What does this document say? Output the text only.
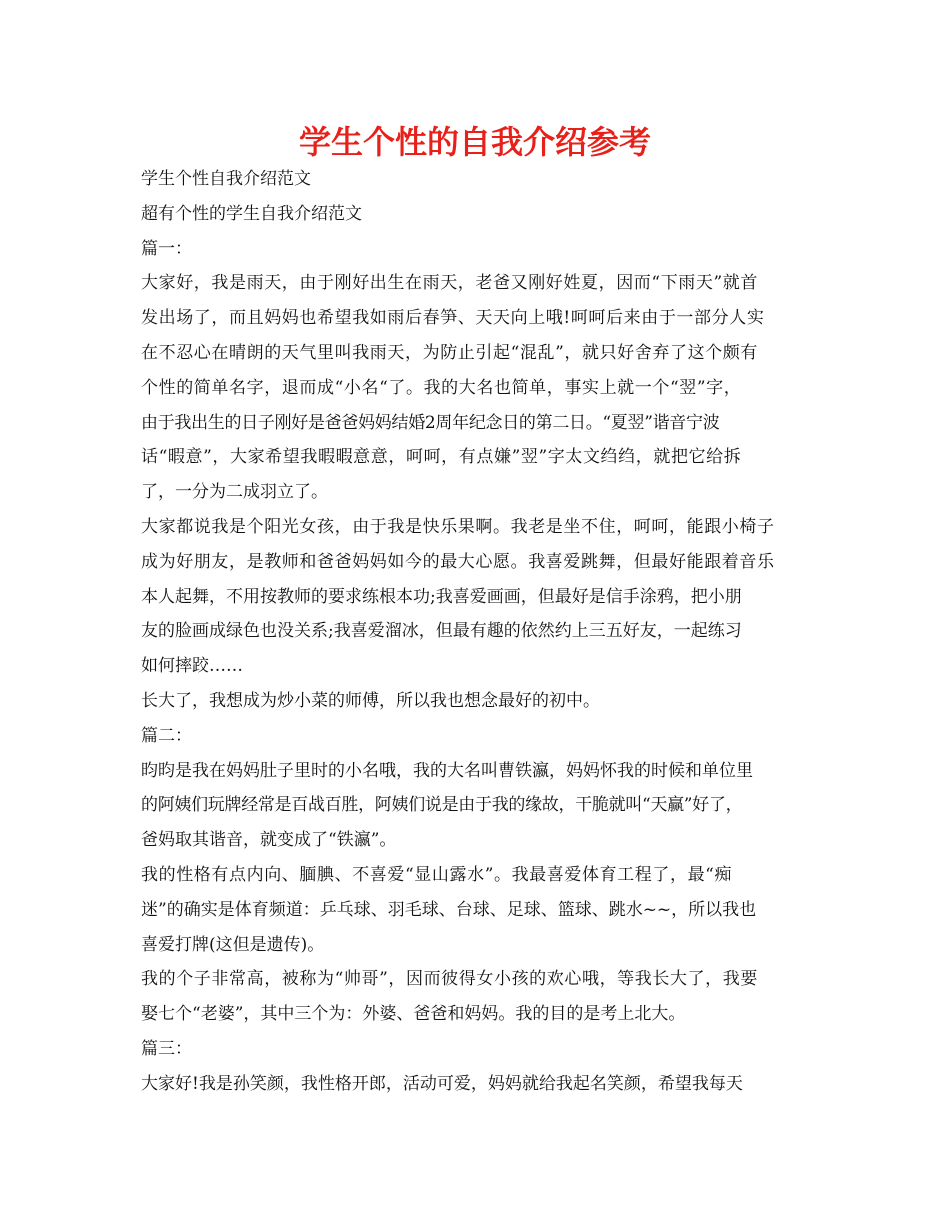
学生个性的自我介绍参考
学生个性自我介绍范文
超有个性的学生自我介绍范文
篇一：
大家好，我是雨天，由于刚好出生在雨天，老爸又刚好姓夏，因而“下雨天”就首
发出场了，而且妈妈也希望我如雨后春笋、天天向上哦!呵呵后来由于一部分人实
在不忍心在晴朗的天气里叫我雨天，为防止引起“混乱”，就只好舍弃了这个颇有
个性的简单名字，退而成“小名“了。我的大名也简单，事实上就一个“翌”字，
由于我出生的日子刚好是爸爸妈妈结婚2周年纪念日的第二日。“夏翌”谐音宁波
话“暇意”，大家希望我暇暇意意，呵呵，有点嫌”翌”字太文绉绉，就把它给拆
了，一分为二成羽立了。
大家都说我是个阳光女孩，由于我是快乐果啊。我老是坐不住，呵呵，能跟小椅子
成为好朋友，是教师和爸爸妈妈如今的最大心愿。我喜爱跳舞，但最好能跟着音乐
本人起舞，不用按教师的要求练根本功;我喜爱画画，但最好是信手涂鸦，把小朋
友的脸画成绿色也没关系;我喜爱溜冰，但最有趣的依然约上三五好友，一起练习
如何摔跤……
长大了，我想成为炒小菜的师傅，所以我也想念最好的初中。
篇二：
昀昀是我在妈妈肚子里时的小名哦，我的大名叫曹铁瀛，妈妈怀我的时候和单位里
的阿姨们玩牌经常是百战百胜，阿姨们说是由于我的缘故，干脆就叫“天赢”好了，
爸妈取其谐音，就变成了“铁瀛”。
我的性格有点内向、腼腆、不喜爱“显山露水”。我最喜爱体育工程了，最“痴
迷”的确实是体育频道：乒乓球、羽毛球、台球、足球、篮球、跳水~~，所以我也
喜爱打牌(这但是遗传)。
我的个子非常高，被称为“帅哥”，因而彼得女小孩的欢心哦，等我长大了，我要
娶七个“老婆”，其中三个为：外婆、爸爸和妈妈。我的目的是考上北大。
篇三：
大家好!我是孙笑颜，我性格开郎，活动可爱，妈妈就给我起名笑颜，希望我每天
